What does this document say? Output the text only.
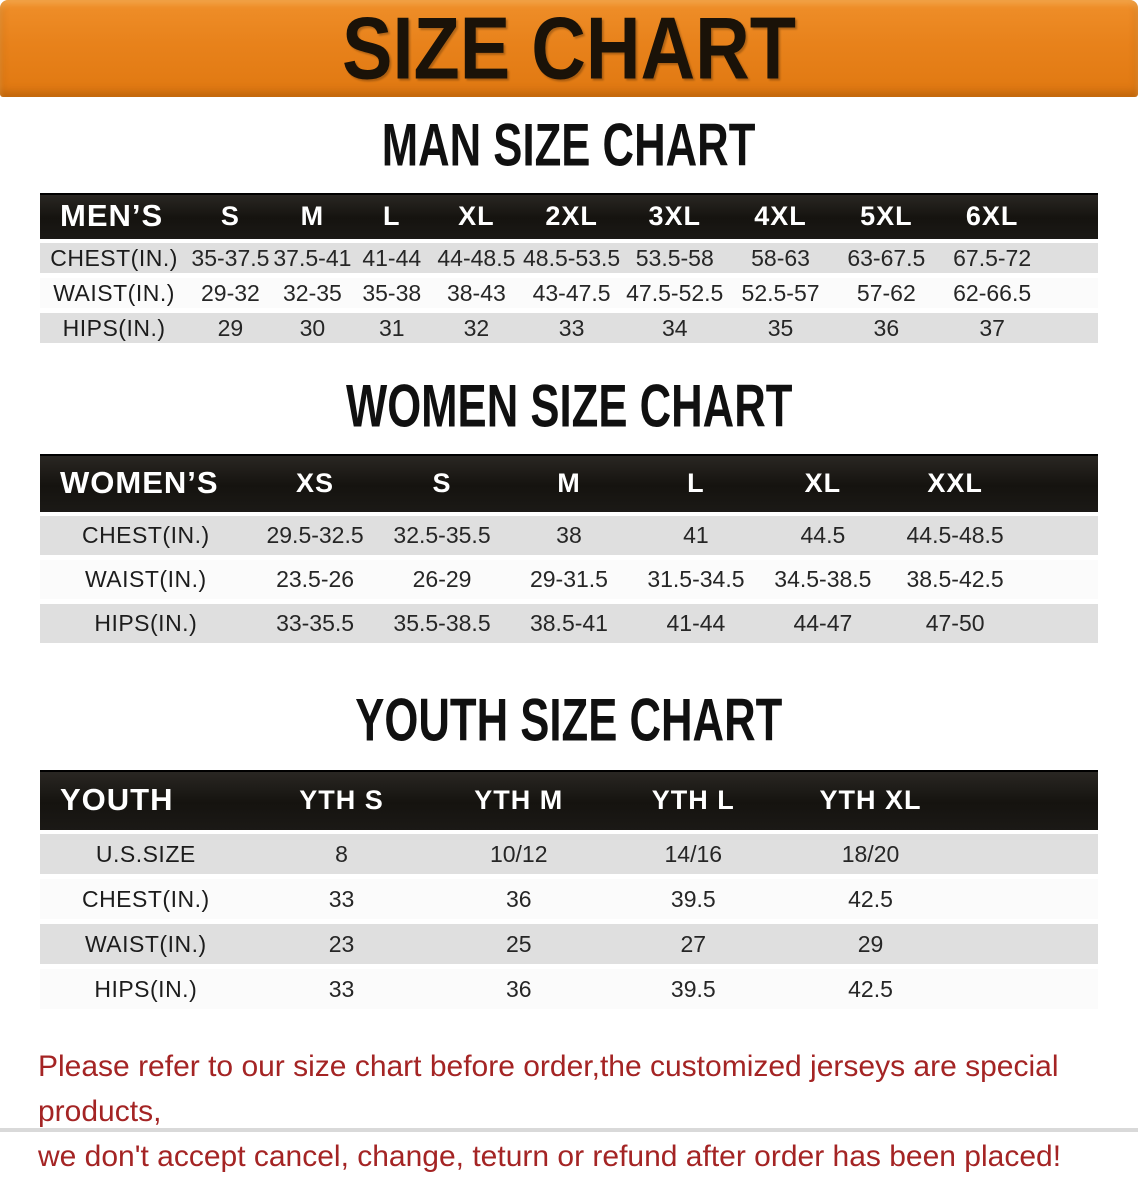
SIZE CHART
MAN SIZE CHART
MEN’S	S	M	L	XL	2XL	3XL	4XL	5XL	6XL	
CHEST(IN.)	35-37.5	37.5-41	41-44	44-48.5	48.5-53.5	53.5-58	58-63	63-67.5	67.5-72	
WAIST(IN.)	29-32	32-35	35-38	38-43	43-47.5	47.5-52.5	52.5-57	57-62	62-66.5	
HIPS(IN.)	29	30	31	32	33	34	35	36	37	
WOMEN SIZE CHART
WOMEN’S	XS	S	M	L	XL	XXL	
CHEST(IN.)	29.5-32.5	32.5-35.5	38	41	44.5	44.5-48.5	
WAIST(IN.)	23.5-26	26-29	29-31.5	31.5-34.5	34.5-38.5	38.5-42.5	
HIPS(IN.)	33-35.5	35.5-38.5	38.5-41	41-44	44-47	47-50	
YOUTH SIZE CHART
YOUTH	YTH S	YTH M	YTH L	YTH XL	
U.S.SIZE	8	10/12	14/16	18/20	
CHEST(IN.)	33	36	39.5	42.5	
WAIST(IN.)	23	25	27	29	
HIPS(IN.)	33	36	39.5	42.5	

Please refer to our size chart before order,the customized jerseys are special products,
we don't accept cancel, change, teturn or refund after order has been placed!
